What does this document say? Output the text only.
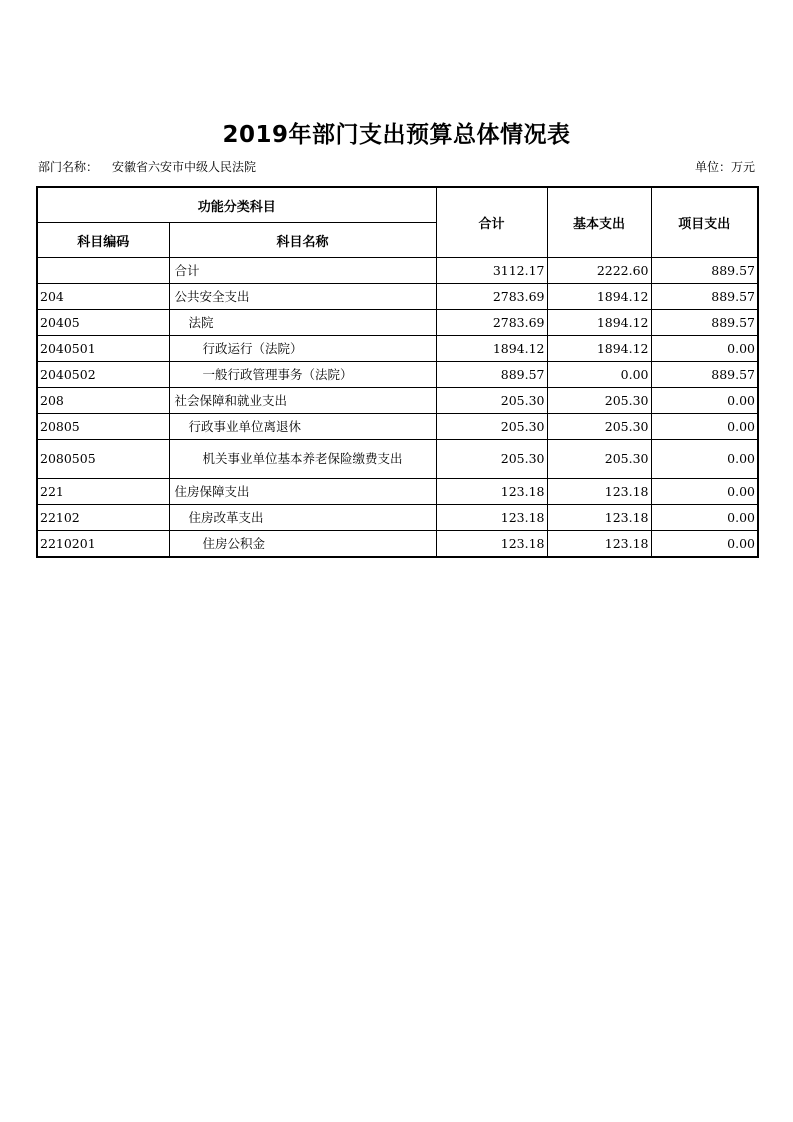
2019年部门支出预算总体情况表
部门名称： 安徽省六安市中级人民法院	单位：万元
功能分类科目		合计	基本支出	项目支出
科目编码	科目名称			

	合计	3112.17	2222.60	889.57
204	公共安全支出	2783.69	1894.12	889.57
20405	法院	2783.69	1894.12	889.57
2040501	行政运行（法院）	1894.12	1894.12	0.00
2040502	一般行政管理事务（法院）	889.57	0.00	889.57
208	社会保障和就业支出	205.30	205.30	0.00
20805	行政事业单位离退休	205.30	205.30	0.00
2080505	机关事业单位基本养老保险缴费支出	205.30	205.30	0.00
221	住房保障支出	123.18	123.18	0.00
22102	住房改革支出	123.18	123.18	0.00
2210201	住房公积金	123.18	123.18	0.00
